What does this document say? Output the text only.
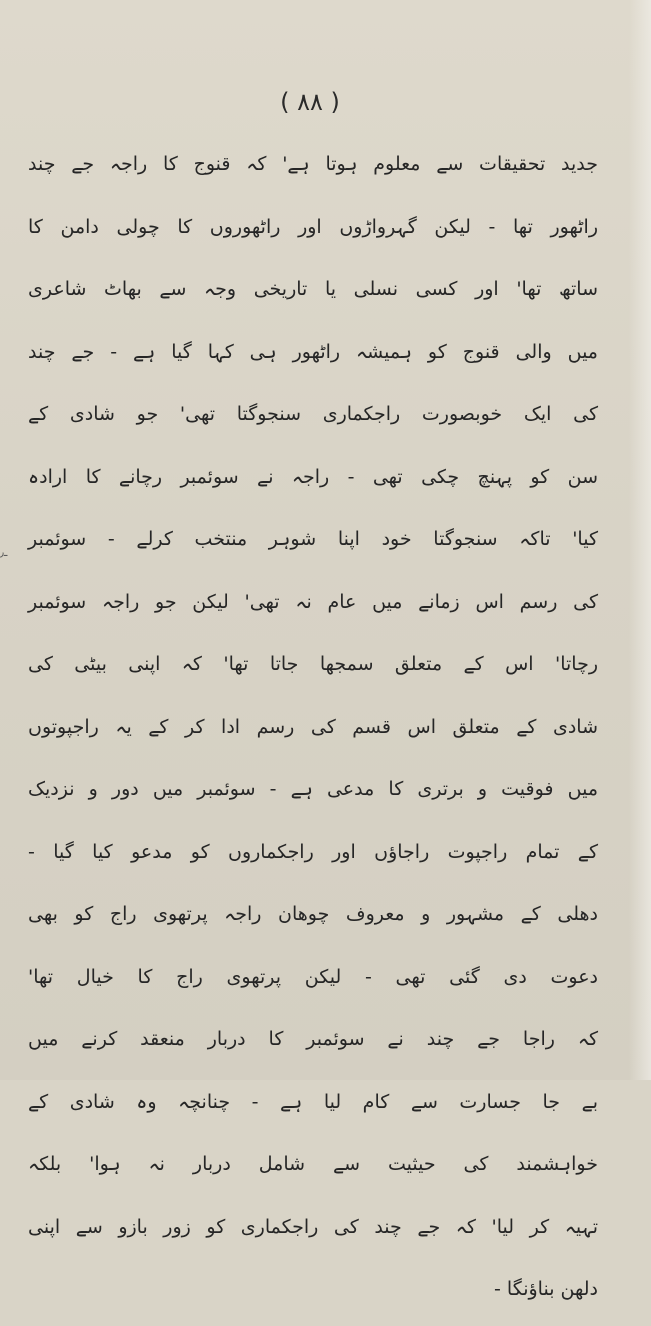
( ۸۸ )
ـ٫
جدید تحقیقات سے معلوم ہوتا ہے' کہ قنوج کا راجہ جے چند
راٹھور تھا - لیکن گہرواڑوں اور راٹھوروں کا چولی دامن کا
ساتھ تھا' اور کسی نسلی یا تاریخی وجہ سے بھاٹ شاعری
میں والی قنوج کو ہمیشہ راٹھور ہی کہا گیا ہے - جے چند
کی ایک خوبصورت راجکماری سنجوگتا تھی' جو شادی کے
سن کو پہنچ چکی تھی - راجہ نے سوئمبر رچانے کا ارادہ
کیا' تاکہ سنجوگتا خود اپنا شوہر منتخب کرلے - سوئمبر
کی رسم اس زمانے میں عام نہ تھی' لیکن جو راجہ سوئمبر
رچاتا' اس کے متعلق سمجھا جاتا تھا' کہ اپنی بیٹی کی
شادی کے متعلق اس قسم کی رسم ادا کر کے یہ راجپوتوں
میں فوقیت و برتری کا مدعی ہے - سوئمبر میں دور و نزدیک
کے تمام راجپوت راجاؤں اور راجکماروں کو مدعو کیا گیا -
دھلی کے مشہور و معروف چوھان راجہ پرتھوی راج کو بھی
دعوت دی گئی تھی - لیکن پرتھوی راج کا خیال تھا'
کہ راجا جے چند نے سوئمبر کا دربار منعقد کرنے میں
بے جا جسارت سے کام لیا ہے - چنانچہ وہ شادی کے
خواہشمند کی حیثیت سے شامل دربار نہ ہوا' بلکہ
تہیہ کر لیا' کہ جے چند کی راجکماری کو زور بازو سے اپنی
دلھن بناؤنگا -
